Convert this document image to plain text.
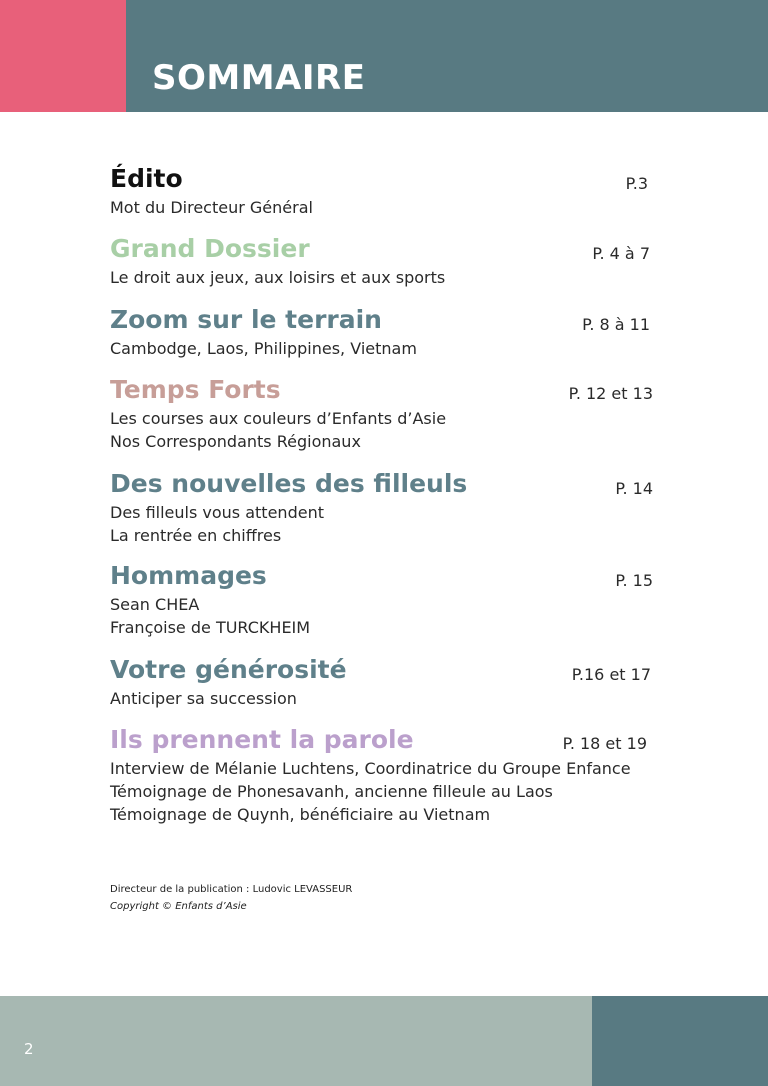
SOMMAIRE
Édito
Mot du Directeur Général
P.3
Grand Dossier
Le droit aux jeux, aux loisirs et aux sports
P. 4 à 7
Zoom sur le terrain
Cambodge, Laos, Philippines, Vietnam
P. 8 à 11
Temps Forts
Les courses aux couleurs d’Enfants d’Asie
Nos Correspondants Régionaux
P. 12 et 13
Des nouvelles des filleuls
Des filleuls vous attendent
La rentrée en chiffres
P. 14
Hommages
Sean CHEA
Françoise de TURCKHEIM
P. 15
Votre générosité
Anticiper sa succession
P.16 et 17
Ils prennent la parole
Interview de Mélanie Luchtens, Coordinatrice du Groupe Enfance
Témoignage de Phonesavanh, ancienne filleule au Laos
Témoignage de Quynh, bénéficiaire au Vietnam
P. 18 et 19
Directeur de la publication : Ludovic LEVASSEUR
Copyright © Enfants d’Asie
2
